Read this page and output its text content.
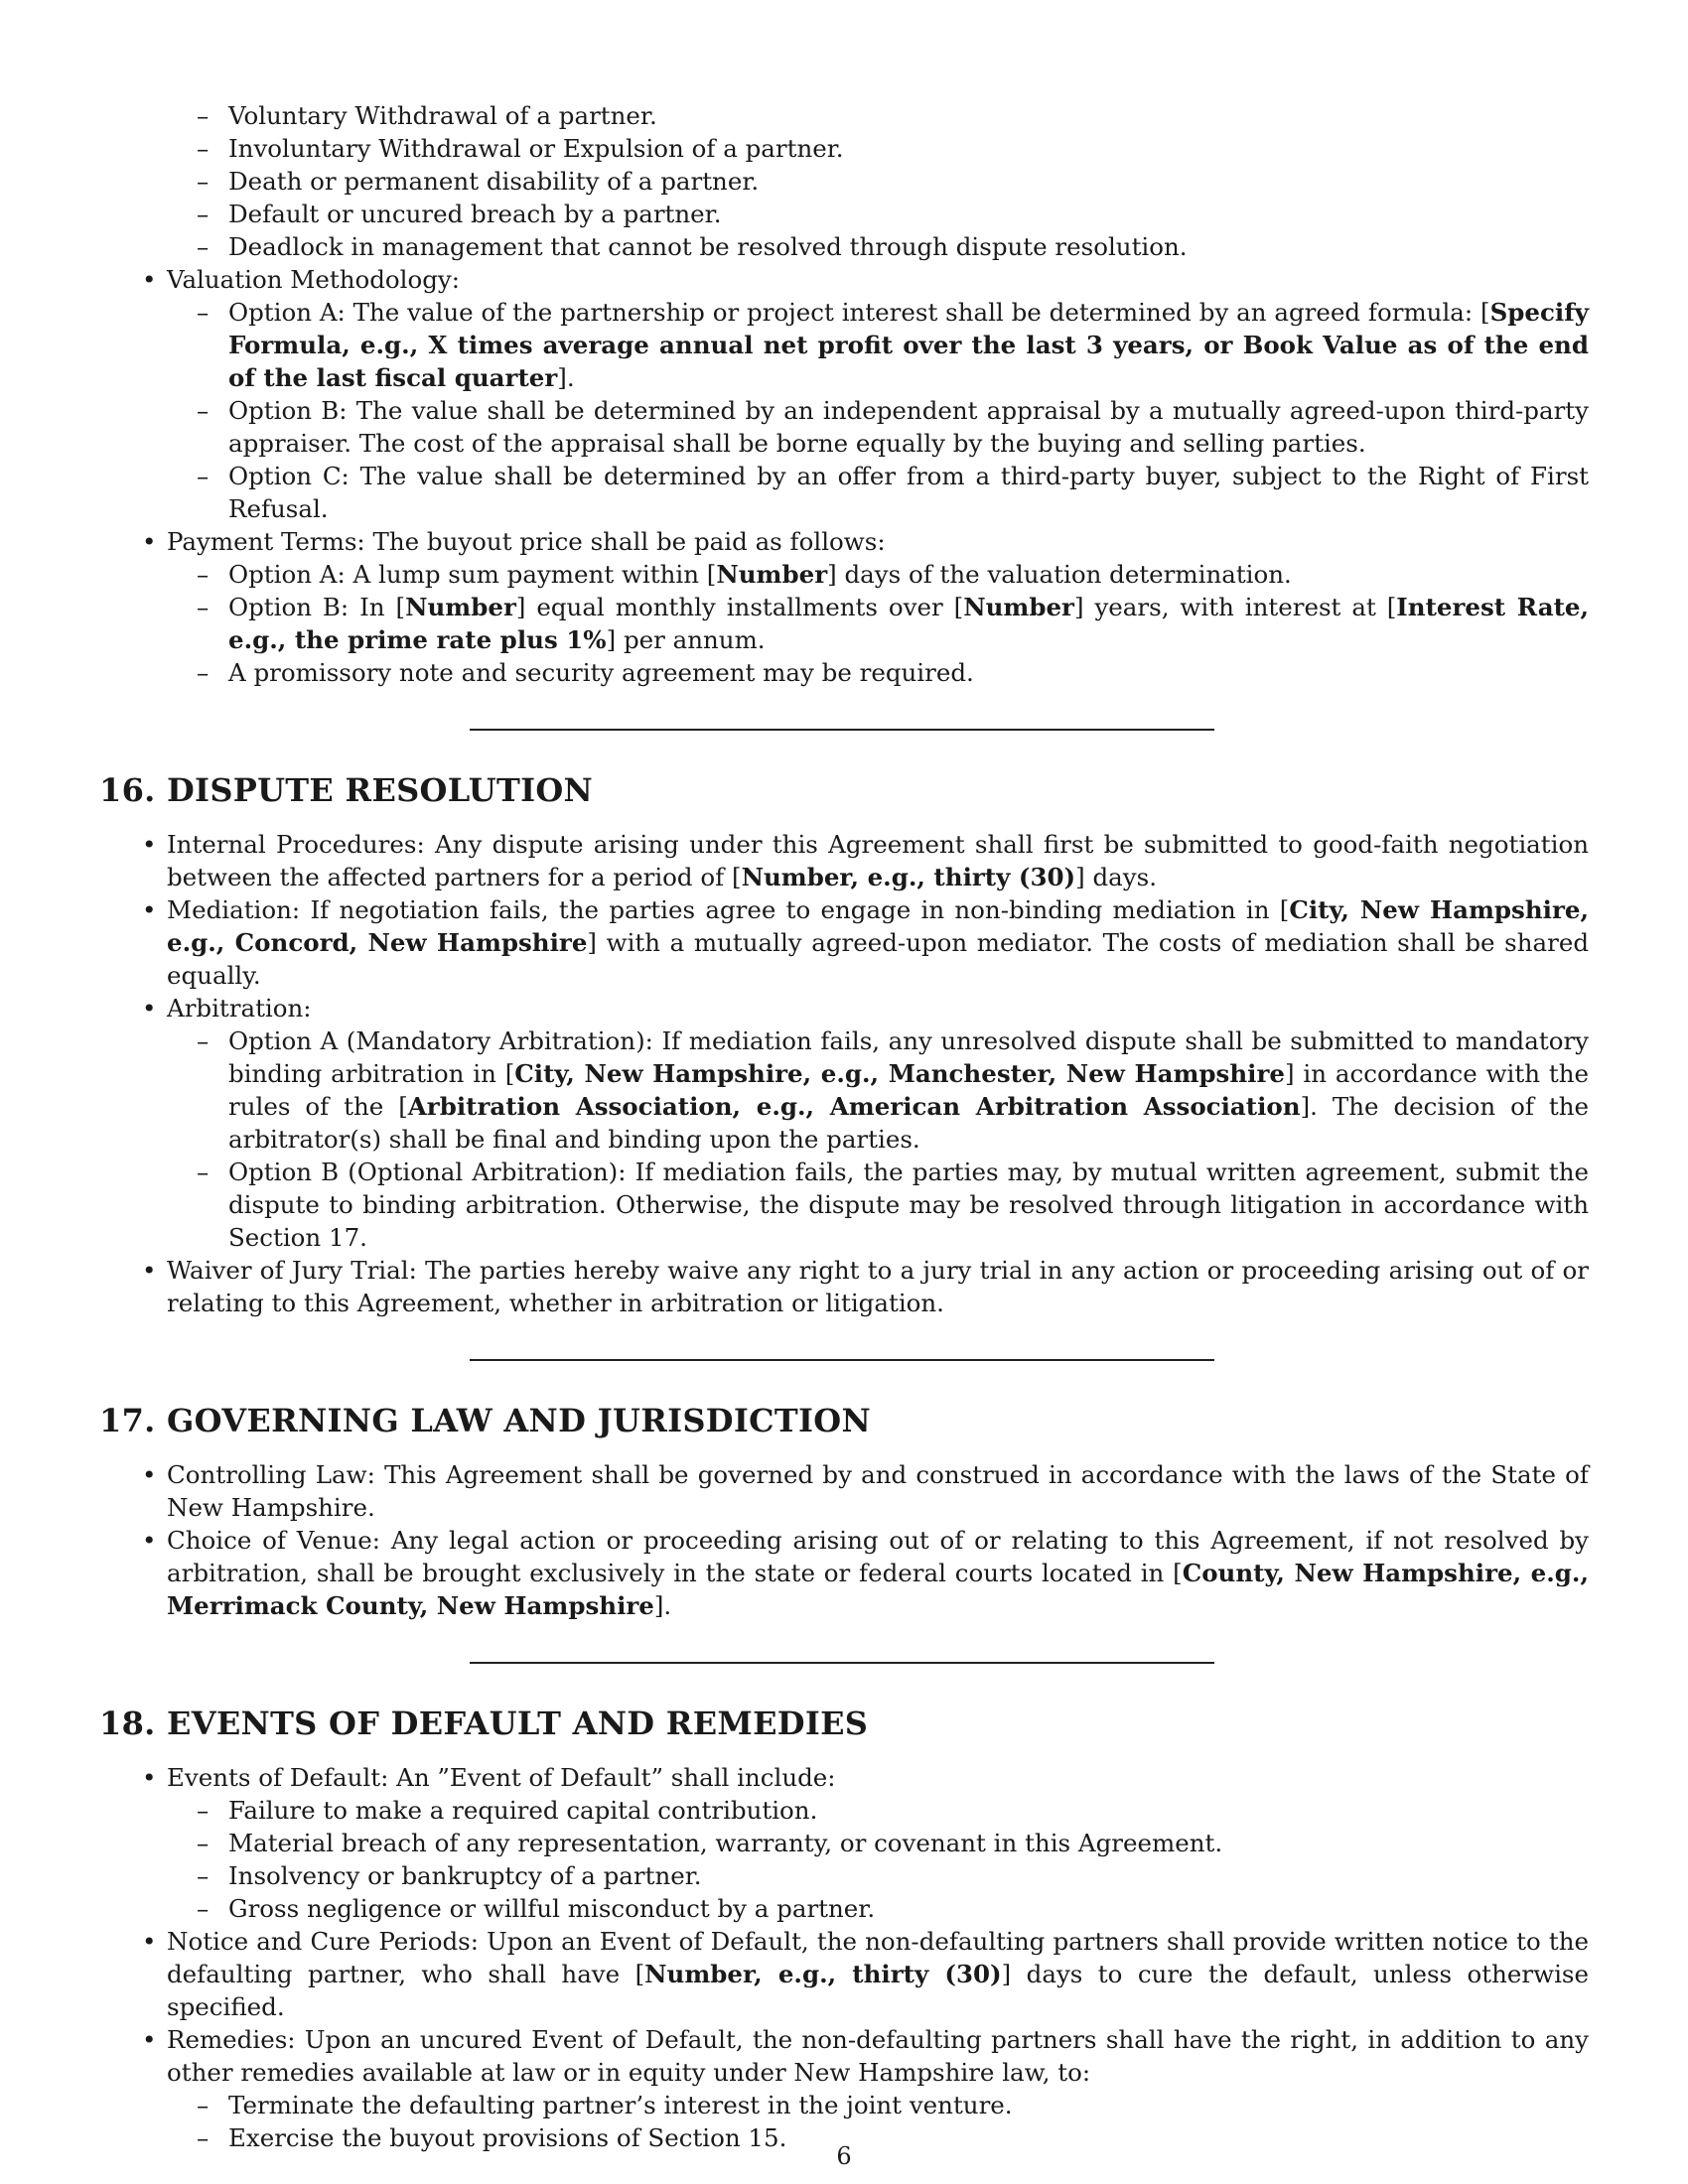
– Voluntary Withdrawal of a partner.
– Involuntary Withdrawal or Expulsion of a partner.
– Death or permanent disability of a partner.
– Default or uncured breach by a partner.
– Deadlock in management that cannot be resolved through dispute resolution.
• Valuation Methodology:
– Option A: The value of the partnership or project interest shall be determined by an agreed formula: [Specify Formula, e.g., X times average annual net profit over the last 3 years, or Book Value as of the end of the last fiscal quarter].
– Option B: The value shall be determined by an independent appraisal by a mutually agreed-upon third-party appraiser. The cost of the appraisal shall be borne equally by the buying and selling parties.
– Option C: The value shall be determined by an offer from a third-party buyer, subject to the Right of First Refusal.
• Payment Terms: The buyout price shall be paid as follows:
– Option A: A lump sum payment within [Number] days of the valuation determination.
– Option B: In [Number] equal monthly installments over [Number] years, with interest at [Interest Rate, e.g., the prime rate plus 1%] per annum.
– A promissory note and security agreement may be required.
16. DISPUTE RESOLUTION
• Internal Procedures: Any dispute arising under this Agreement shall first be submitted to good-faith negotiation between the affected partners for a period of [Number, e.g., thirty (30)] days.
• Mediation: If negotiation fails, the parties agree to engage in non-binding mediation in [City, New Hampshire, e.g., Concord, New Hampshire] with a mutually agreed-upon mediator. The costs of mediation shall be shared equally.
• Arbitration:
– Option A (Mandatory Arbitration): If mediation fails, any unresolved dispute shall be submitted to mandatory binding arbitration in [City, New Hampshire, e.g., Manchester, New Hampshire] in accordance with the rules of the [Arbitration Association, e.g., American Arbitration Association]. The decision of the arbitrator(s) shall be final and binding upon the parties.
– Option B (Optional Arbitration): If mediation fails, the parties may, by mutual written agreement, submit the dispute to binding arbitration. Otherwise, the dispute may be resolved through litigation in accordance with Section 17.
• Waiver of Jury Trial: The parties hereby waive any right to a jury trial in any action or proceeding arising out of or relating to this Agreement, whether in arbitration or litigation.
17. GOVERNING LAW AND JURISDICTION
• Controlling Law: This Agreement shall be governed by and construed in accordance with the laws of the State of New Hampshire.
• Choice of Venue: Any legal action or proceeding arising out of or relating to this Agreement, if not resolved by arbitration, shall be brought exclusively in the state or federal courts located in [County, New Hampshire, e.g., Merrimack County, New Hampshire].
18. EVENTS OF DEFAULT AND REMEDIES
• Events of Default: An ”Event of Default” shall include:
– Failure to make a required capital contribution.
– Material breach of any representation, warranty, or covenant in this Agreement.
– Insolvency or bankruptcy of a partner.
– Gross negligence or willful misconduct by a partner.
• Notice and Cure Periods: Upon an Event of Default, the non-defaulting partners shall provide written notice to the defaulting partner, who shall have [Number, e.g., thirty (30)] days to cure the default, unless otherwise specified.
• Remedies: Upon an uncured Event of Default, the non-defaulting partners shall have the right, in addition to any other remedies available at law or in equity under New Hampshire law, to:
– Terminate the defaulting partner’s interest in the joint venture.
– Exercise the buyout provisions of Section 15.
6
